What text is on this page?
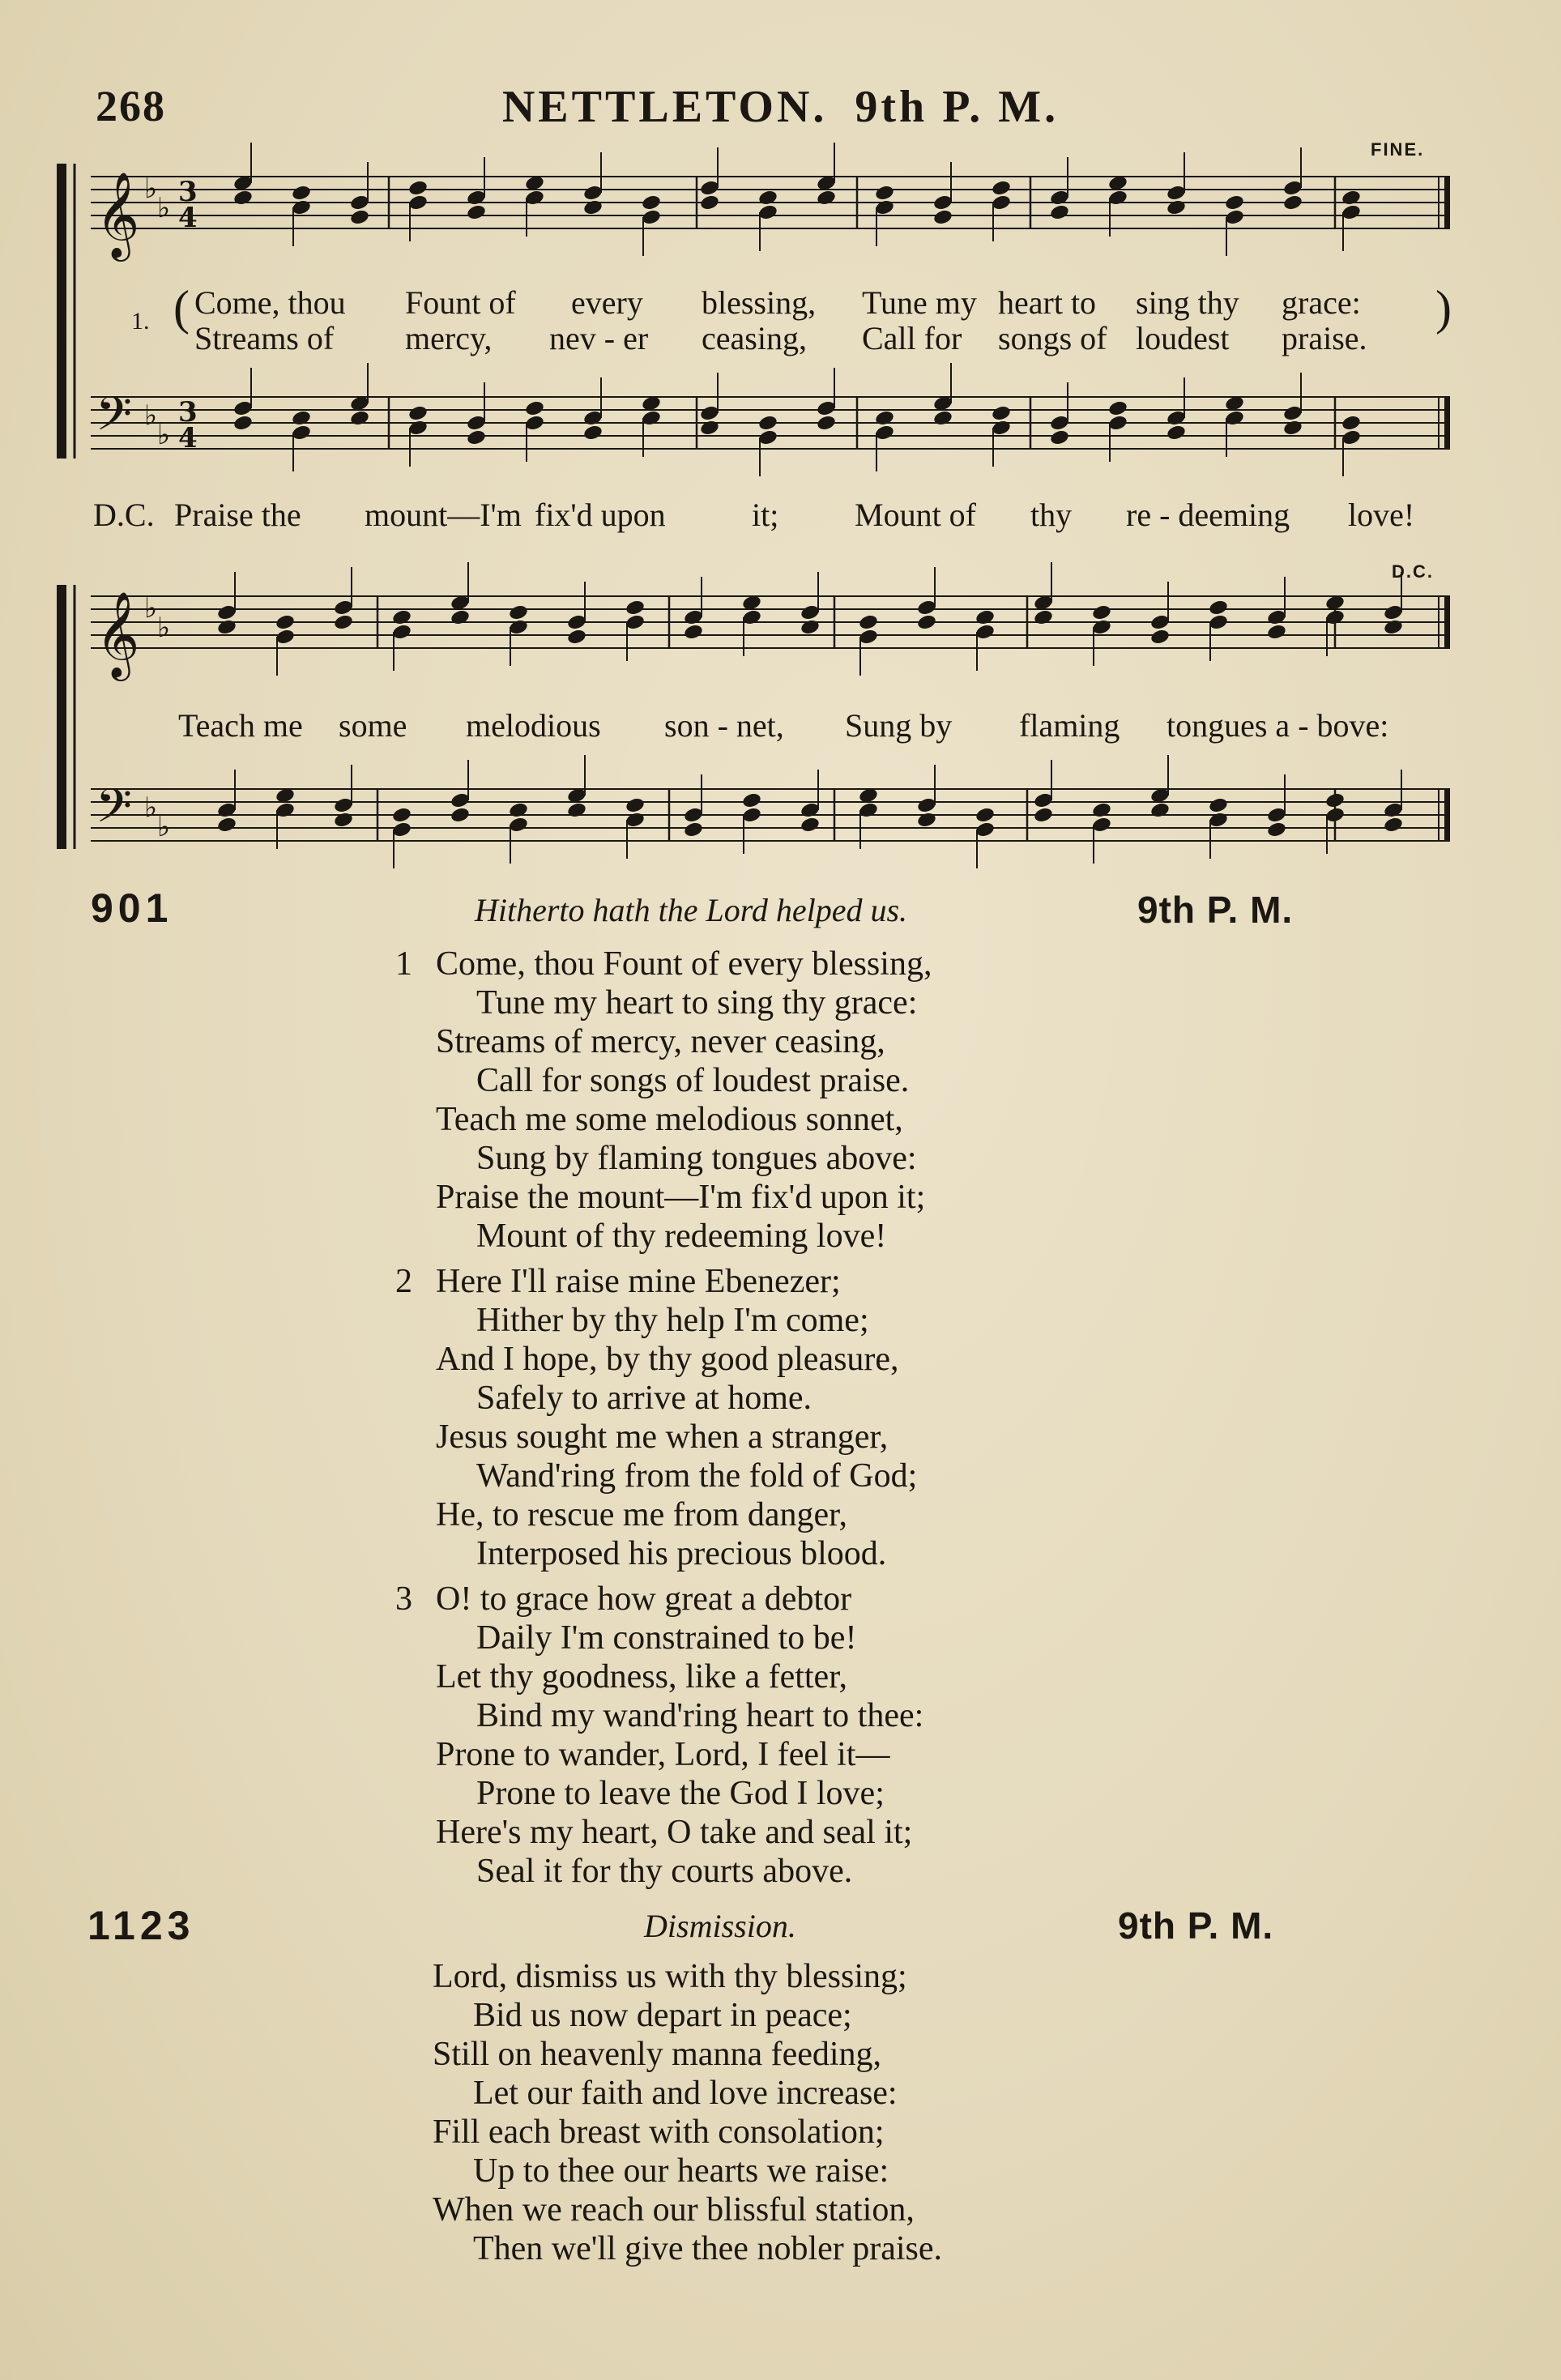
268	NETTLETON. 9th P. M.
𝄞 ♭
♭ 3
4
𝄢 ♭
♭
3
4
𝄞 ♭
♭
𝄢 ♭
♭
FINE.
D.C.
1. (	)
Come, thou Fount of every blessing, Tune my heart to sing thy grace:
Streams of mercy, nev - er ceasing, Call for songs of loudest praise.
D.C. Praise the mount—I'm fix'd upon	it; Mount of thy re - deeming love!
Teach me some melodious son - net, Sung by flaming tongues a - bove:
901	Hitherto hath the Lord helped us.	9th P. M.
1 Come, thou Fount of every blessing,
Tune my heart to sing thy grace:
Streams of mercy, never ceasing,
Call for songs of loudest praise.
Teach me some melodious sonnet,
Sung by flaming tongues above:
Praise the mount—I'm fix'd upon it;
Mount of thy redeeming love!
2 Here I'll raise mine Ebenezer;
Hither by thy help I'm come;
And I hope, by thy good pleasure,
Safely to arrive at home.
Jesus sought me when a stranger,
Wand'ring from the fold of God;
He, to rescue me from danger,
Interposed his precious blood.
3 O! to grace how great a debtor
Daily I'm constrained to be!
Let thy goodness, like a fetter,
Bind my wand'ring heart to thee:
Prone to wander, Lord, I feel it—
Prone to leave the God I love;
Here's my heart, O take and seal it;
Seal it for thy courts above.
1123	Dismission.	9th P. M.
Lord, dismiss us with thy blessing;
Bid us now depart in peace;
Still on heavenly manna feeding,
Let our faith and love increase:
Fill each breast with consolation;
Up to thee our hearts we raise:
When we reach our blissful station,
Then we'll give thee nobler praise.
